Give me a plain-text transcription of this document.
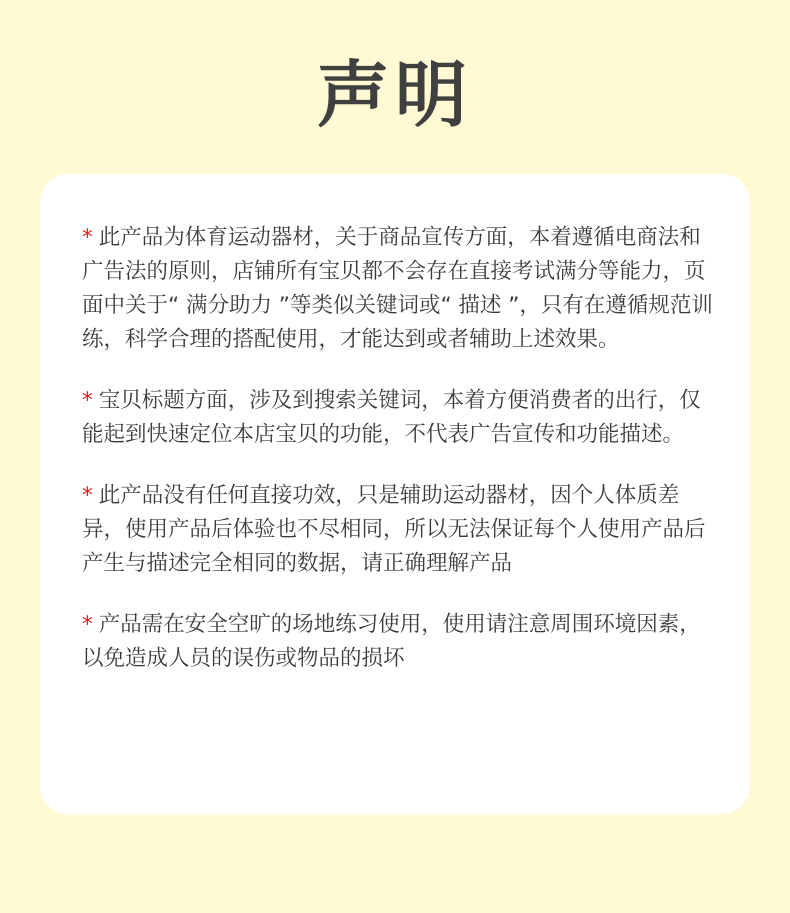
声明

* 此产品为体育运动器材，关于商品宣传方面，本着遵循电商法和广告法的原则，店铺所有宝贝都不会存在直接考试满分等能力，页面中关于“ 满分助力 ”等类似关键词或“ 描述 ”，只有在遵循规范训练，科学合理的搭配使用，才能达到或者辅助上述效果。

* 宝贝标题方面，涉及到搜索关键词，本着方便消费者的出行，仅能起到快速定位本店宝贝的功能，不代表广告宣传和功能描述。

* 此产品没有任何直接功效，只是辅助运动器材，因个人体质差异，使用产品后体验也不尽相同，所以无法保证每个人使用产品后产生与描述完全相同的数据，请正确理解产品

* 产品需在安全空旷的场地练习使用，使用请注意周围环境因素，以免造成人员的误伤或物品的损坏
